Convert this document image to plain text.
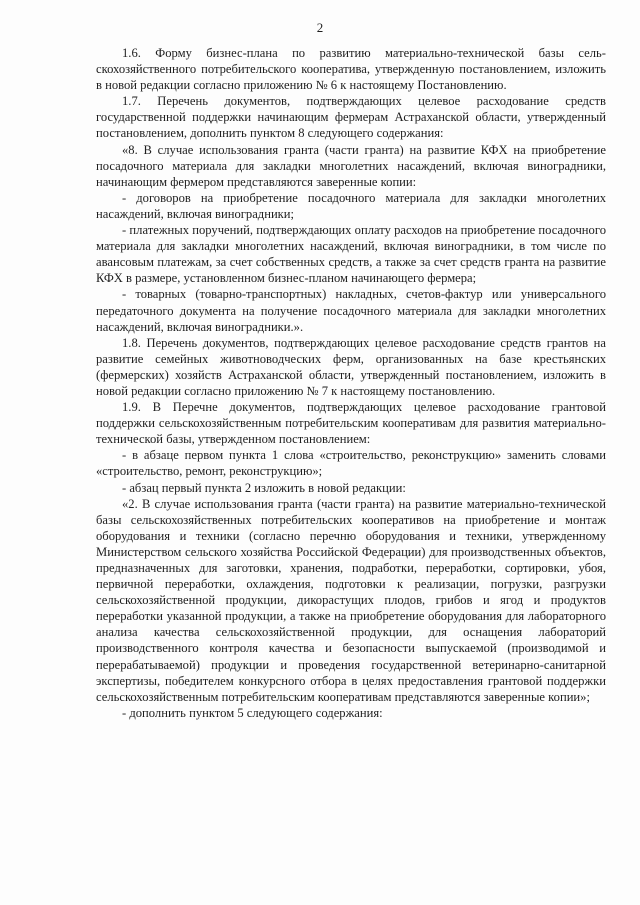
2

1.6. Форму бизнес-плана по развитию материально-технической базы сельскохозяйственного потребительского кооператива, утвержденную постановлением, изложить в новой редакции согласно приложению № 6 к настоящему Постановлению.

1.7. Перечень документов, подтверждающих целевое расходование средств государственной поддержки начинающим фермерам Астраханской области, утвержденный постановлением, дополнить пунктом 8 следующего содержания:

«8. В случае использования гранта (части гранта) на развитие КФХ на приобретение посадочного материала для закладки многолетних насаждений, включая виноградники, начинающим фермером представляются заверенные копии:

- договоров на приобретение посадочного материала для закладки многолетних насаждений, включая виноградники;

- платежных поручений, подтверждающих оплату расходов на приобретение посадочного материала для закладки многолетних насаждений, включая виноградники, в том числе по авансовым платежам, за счет собственных средств, а также за счет средств гранта на развитие КФХ в размере, установленном бизнес-планом начинающего фермера;

- товарных (товарно-транспортных) накладных, счетов-фактур или универсального передаточного документа на получение посадочного материала для закладки многолетних насаждений, включая виноградники.».

1.8. Перечень документов, подтверждающих целевое расходование средств грантов на развитие семейных животноводческих ферм, организованных на базе крестьянских (фермерских) хозяйств Астраханской области, утвержденный постановлением, изложить в новой редакции согласно приложению № 7 к настоящему постановлению.

1.9. В Перечне документов, подтверждающих целевое расходование грантовой поддержки сельскохозяйственным потребительским кооперативам для развития материально-технической базы, утвержденном постановлением:

- в абзаце первом пункта 1 слова «строительство, реконструкцию» заменить словами «строительство, ремонт, реконструкцию»;

- абзац первый пункта 2 изложить в новой редакции:

«2. В случае использования гранта (части гранта) на развитие материально-технической базы сельскохозяйственных потребительских кооперативов на приобретение и монтаж оборудования и техники (согласно перечню оборудования и техники, утвержденному Министерством сельского хозяйства Российской Федерации) для производственных объектов, предназначенных для заготовки, хранения, подработки, переработки, сортировки, убоя, первичной переработки, охлаждения, подготовки к реализации, погрузки, разгрузки сельскохозяйственной продукции, дикорастущих плодов, грибов и ягод и продуктов переработки указанной продукции, а также на приобретение оборудования для лабораторного анализа качества сельскохозяйственной продукции, для оснащения лабораторий производственного контроля качества и безопасности выпускаемой (производимой и перерабатываемой) продукции и проведения государственной ветеринарно-санитарной экспертизы, победителем конкурсного отбора в целях предоставления грантовой поддержки сельскохозяйственным потребительским кооперативам представляются заверенные копии»;

- дополнить пунктом 5 следующего содержания:
